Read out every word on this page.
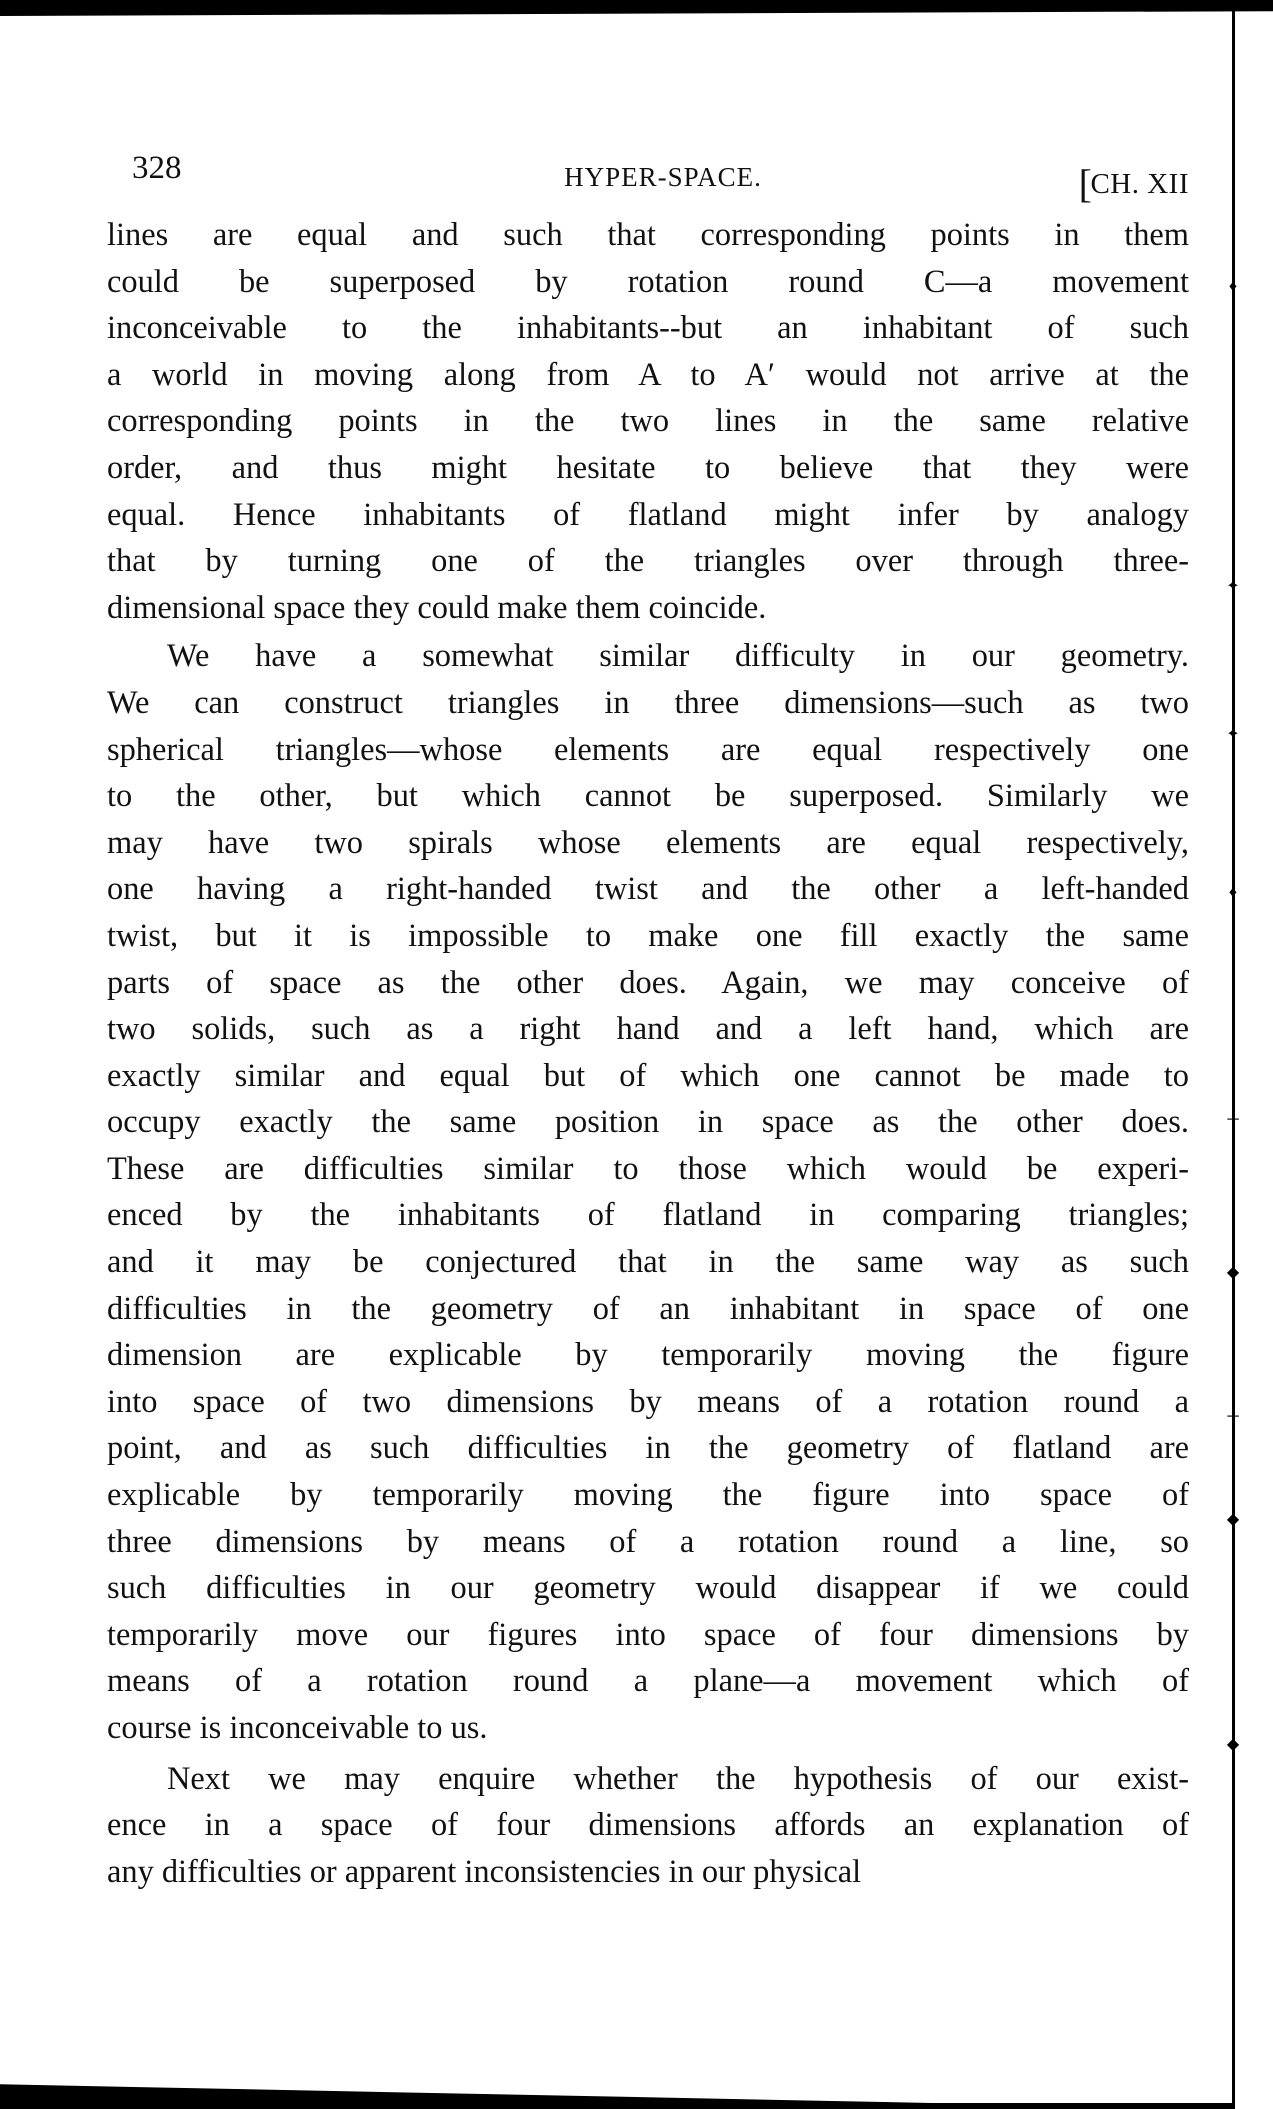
♦
✦
✦
♦
─
◆
─
◆
◆
328	HYPER-SPACE.	[CH. XII
lines are equal and such that corresponding points in them
could be superposed by rotation round C—a movement
inconceivable to the inhabitants--but an inhabitant of such
a world in moving along from A to A′ would not arrive at the
corresponding points in the two lines in the same relative
order, and thus might hesitate to believe that they were
equal. Hence inhabitants of flatland might infer by analogy
that by turning one of the triangles over through three-
dimensional space they could make them coincide.
We have a somewhat similar difficulty in our geometry.
We can construct triangles in three dimensions—such as two
spherical triangles—whose elements are equal respectively one
to the other, but which cannot be superposed. Similarly we
may have two spirals whose elements are equal respectively,
one having a right-handed twist and the other a left-handed
twist, but it is impossible to make one fill exactly the same
parts of space as the other does. Again, we may conceive of
two solids, such as a right hand and a left hand, which are
exactly similar and equal but of which one cannot be made to
occupy exactly the same position in space as the other does.
These are difficulties similar to those which would be experi-
enced by the inhabitants of flatland in comparing triangles;
and it may be conjectured that in the same way as such
difficulties in the geometry of an inhabitant in space of one
dimension are explicable by temporarily moving the figure
into space of two dimensions by means of a rotation round a
point, and as such difficulties in the geometry of flatland are
explicable by temporarily moving the figure into space of
three dimensions by means of a rotation round a line, so
such difficulties in our geometry would disappear if we could
temporarily move our figures into space of four dimensions by
means of a rotation round a plane—a movement which of
course is inconceivable to us.
Next we may enquire whether the hypothesis of our exist-
ence in a space of four dimensions affords an explanation of
any difficulties or apparent inconsistencies in our physical
